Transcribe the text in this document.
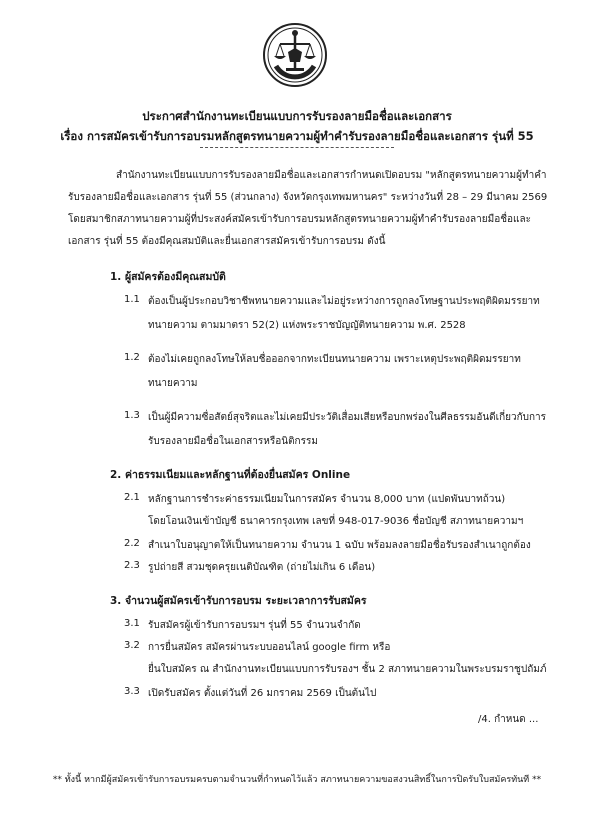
ประกาศสำนักงานทะเบียนแบบการรับรองลายมือชื่อและเอกสาร
เรื่อง การสมัครเข้ารับการอบรมหลักสูตรทนายความผู้ทำคำรับรองลายมือชื่อและเอกสาร รุ่นที่ 55
สำนักงานทะเบียนแบบการรับรองลายมือชื่อและเอกสารกำหนดเปิดอบรม "หลักสูตรทนายความผู้ทำคำ
รับรองลายมือชื่อและเอกสาร รุ่นที่ 55 (ส่วนกลาง) จังหวัดกรุงเทพมหานคร" ระหว่างวันที่ 28 – 29 มีนาคม 2569
โดยสมาชิกสภาทนายความผู้ที่ประสงค์สมัครเข้ารับการอบรมหลักสูตรทนายความผู้ทำคำรับรองลายมือชื่อและ
เอกสาร รุ่นที่ 55 ต้องมีคุณสมบัติและยื่นเอกสารสมัครเข้ารับการอบรม ดังนี้
1. ผู้สมัครต้องมีคุณสมบัติ
1.1 ต้องเป็นผู้ประกอบวิชาชีพทนายความและไม่อยู่ระหว่างการถูกลงโทษฐานประพฤติผิดมรรยาท
ทนายความ ตามมาตรา 52(2) แห่งพระราชบัญญัติทนายความ พ.ศ. 2528
1.2 ต้องไม่เคยถูกลงโทษให้ลบชื่อออกจากทะเบียนทนายความ เพราะเหตุประพฤติผิดมรรยาท
ทนายความ
1.3 เป็นผู้มีความซื่อสัตย์สุจริตและไม่เคยมีประวัติเสื่อมเสียหรือบกพร่องในศีลธรรมอันดีเกี่ยวกับการ
รับรองลายมือชื่อในเอกสารหรือนิติกรรม
2. ค่าธรรมเนียมและหลักฐานที่ต้องยื่นสมัคร Online
2.1 หลักฐานการชำระค่าธรรมเนียมในการสมัคร จำนวน 8,000 บาท (แปดพันบาทถ้วน)
โดยโอนเงินเข้าบัญชี ธนาคารกรุงเทพ เลขที่ 948-017-9036 ชื่อบัญชี สภาทนายความฯ
2.2 สำเนาใบอนุญาตให้เป็นทนายความ จำนวน 1 ฉบับ พร้อมลงลายมือชื่อรับรองสำเนาถูกต้อง
2.3 รูปถ่ายสี สวมชุดครุยเนติบัณฑิต (ถ่ายไม่เกิน 6 เดือน)
3. จำนวนผู้สมัครเข้ารับการอบรม ระยะเวลาการรับสมัคร
3.1 รับสมัครผู้เข้ารับการอบรมฯ รุ่นที่ 55 จำนวนจำกัด
3.2 การยื่นสมัคร สมัครผ่านระบบออนไลน์ google firm หรือ
ยื่นใบสมัคร ณ สำนักงานทะเบียนแบบการรับรองฯ ชั้น 2 สภาทนายความในพระบรมราชูปถัมภ์
3.3 เปิดรับสมัคร ตั้งแต่วันที่ 26 มกราคม 2569 เป็นต้นไป
/4. กำหนด ...
** ทั้งนี้ หากมีผู้สมัครเข้ารับการอบรมครบตามจำนวนที่กำหนดไว้แล้ว สภาทนายความขอสงวนสิทธิ์ในการปิดรับใบสมัครทันที **
